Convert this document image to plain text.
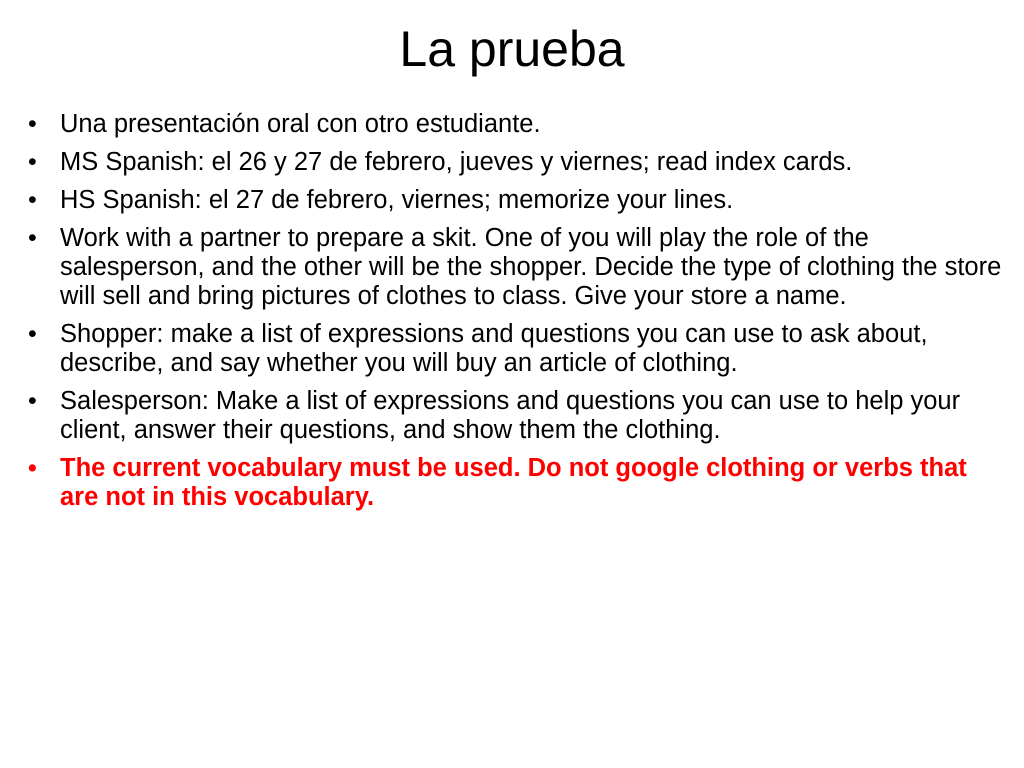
La prueba
• Una presentación oral con otro estudiante.
• MS Spanish: el 26 y 27 de febrero, jueves y viernes; read index cards.
• HS Spanish: el 27 de febrero, viernes; memorize your lines.
• Work with a partner to prepare a skit. One of you will play the role of the salesperson, and the other will be the shopper. Decide the type of clothing the store will sell and bring pictures of clothes to class. Give your store a name.
• Shopper: make a list of expressions and questions you can use to ask about, describe, and say whether you will buy an article of clothing.
• Salesperson: Make a list of expressions and questions you can use to help your client, answer their questions, and show them the clothing.
• The current vocabulary must be used. Do not google clothing or verbs that are not in this vocabulary.
